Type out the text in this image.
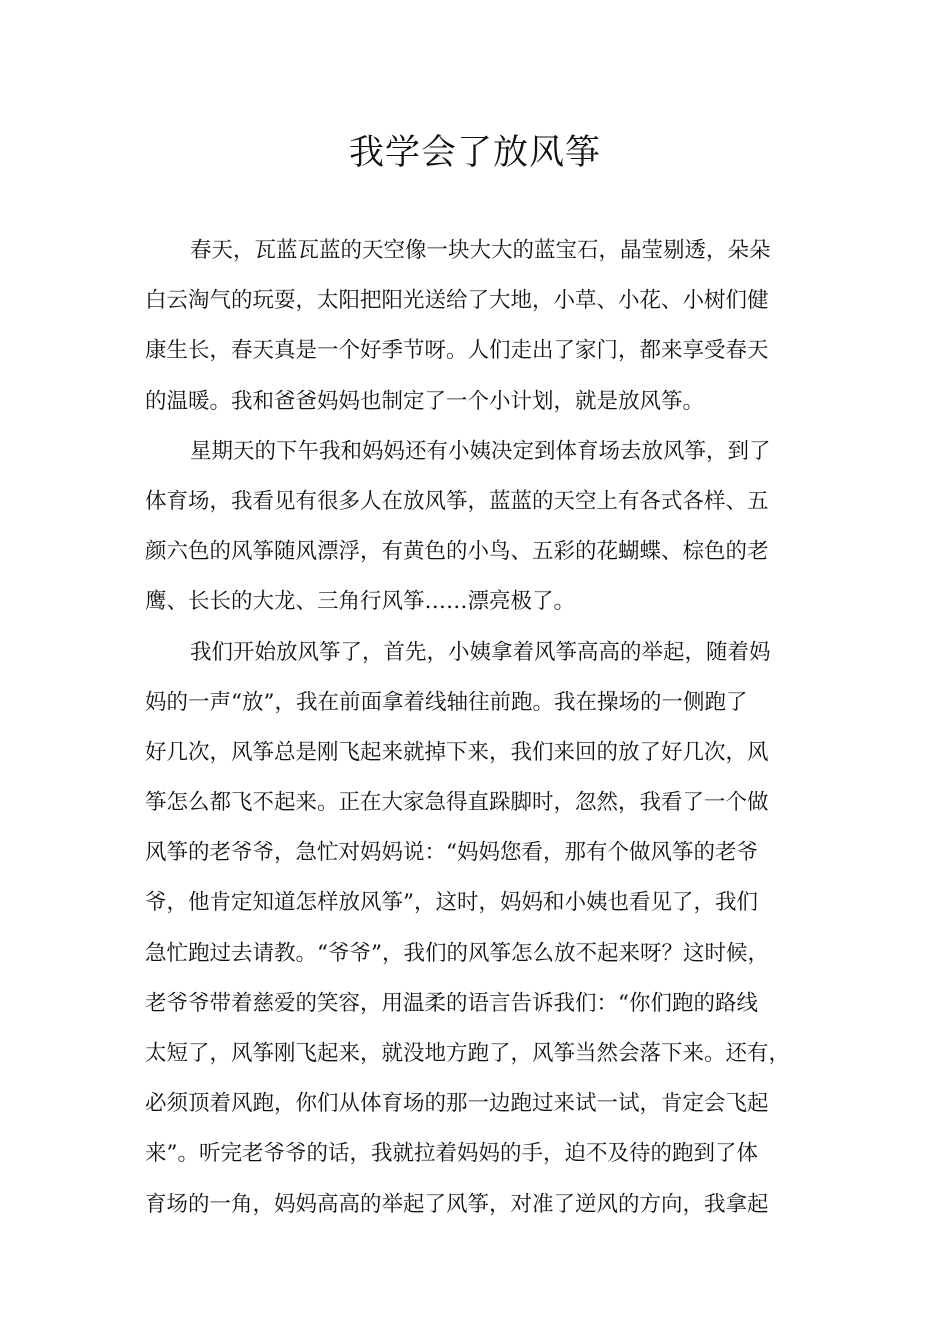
我学会了放风筝
春天，瓦蓝瓦蓝的天空像一块大大的蓝宝石，晶莹剔透，朵朵
白云淘气的玩耍，太阳把阳光送给了大地，小草、小花、小树们健
康生长，春天真是一个好季节呀。人们走出了家门，都来享受春天
的温暖。我和爸爸妈妈也制定了一个小计划，就是放风筝。
星期天的下午我和妈妈还有小姨决定到体育场去放风筝，到了
体育场，我看见有很多人在放风筝，蓝蓝的天空上有各式各样、五
颜六色的风筝随风漂浮，有黄色的小鸟、五彩的花蝴蝶、棕色的老
鹰、长长的大龙、三角行风筝……漂亮极了。
我们开始放风筝了，首先，小姨拿着风筝高高的举起，随着妈
妈的一声“放”，我在前面拿着线轴往前跑。我在操场的一侧跑了
好几次，风筝总是刚飞起来就掉下来，我们来回的放了好几次，风
筝怎么都飞不起来。正在大家急得直跺脚时，忽然，我看了一个做
风筝的老爷爷，急忙对妈妈说：“妈妈您看，那有个做风筝的老爷
爷，他肯定知道怎样放风筝”，这时，妈妈和小姨也看见了，我们
急忙跑过去请教。“爷爷”，我们的风筝怎么放不起来呀？这时候，
老爷爷带着慈爱的笑容，用温柔的语言告诉我们：“你们跑的路线
太短了，风筝刚飞起来，就没地方跑了，风筝当然会落下来。还有，
必须顶着风跑，你们从体育场的那一边跑过来试一试，肯定会飞起
来”。听完老爷爷的话，我就拉着妈妈的手，迫不及待的跑到了体
育场的一角，妈妈高高的举起了风筝，对准了逆风的方向，我拿起
